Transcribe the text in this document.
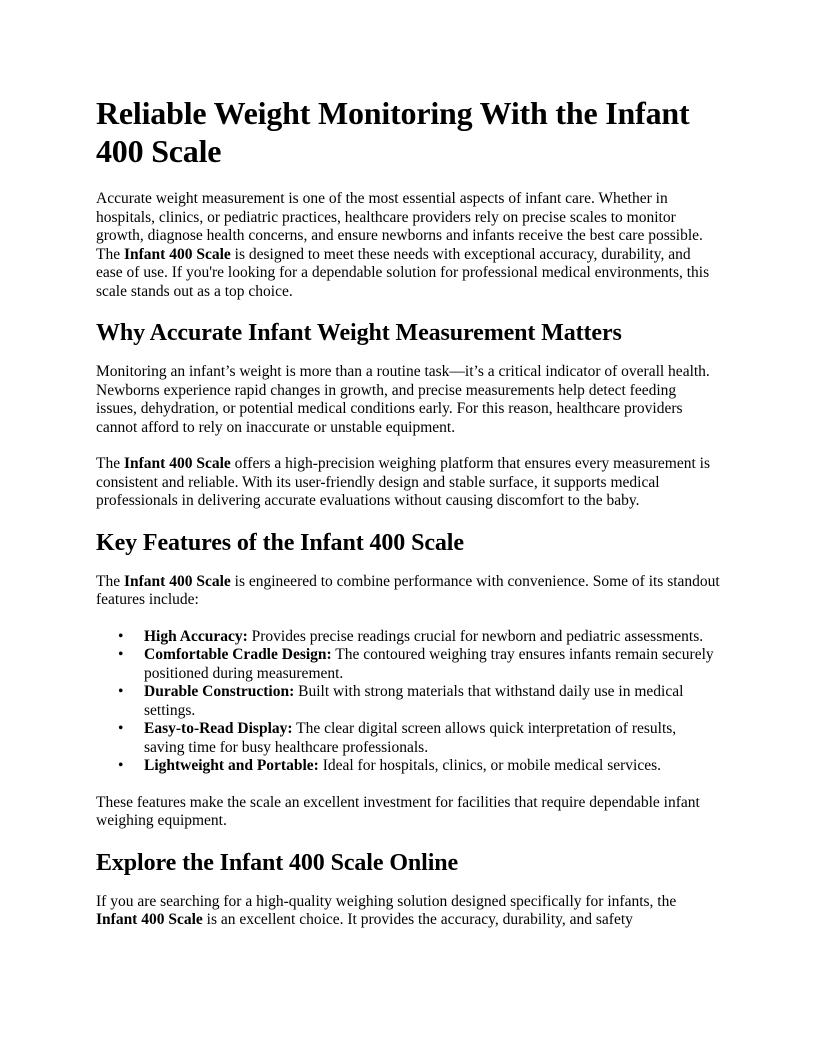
Reliable Weight Monitoring With the Infant 400 Scale

Accurate weight measurement is one of the most essential aspects of infant care. Whether in hospitals, clinics, or pediatric practices, healthcare providers rely on precise scales to monitor growth, diagnose health concerns, and ensure newborns and infants receive the best care possible. The Infant 400 Scale is designed to meet these needs with exceptional accuracy, durability, and ease of use. If you're looking for a dependable solution for professional medical environments, this scale stands out as a top choice.

Why Accurate Infant Weight Measurement Matters

Monitoring an infant’s weight is more than a routine task—it’s a critical indicator of overall health. Newborns experience rapid changes in growth, and precise measurements help detect feeding issues, dehydration, or potential medical conditions early. For this reason, healthcare providers cannot afford to rely on inaccurate or unstable equipment.

The Infant 400 Scale offers a high-precision weighing platform that ensures every measurement is consistent and reliable. With its user-friendly design and stable surface, it supports medical professionals in delivering accurate evaluations without causing discomfort to the baby.

Key Features of the Infant 400 Scale

The Infant 400 Scale is engineered to combine performance with convenience. Some of its standout features include:

• High Accuracy: Provides precise readings crucial for newborn and pediatric assessments.
• Comfortable Cradle Design: The contoured weighing tray ensures infants remain securely positioned during measurement.
• Durable Construction: Built with strong materials that withstand daily use in medical settings.
• Easy-to-Read Display: The clear digital screen allows quick interpretation of results, saving time for busy healthcare professionals.
• Lightweight and Portable: Ideal for hospitals, clinics, or mobile medical services.

These features make the scale an excellent investment for facilities that require dependable infant weighing equipment.

Explore the Infant 400 Scale Online

If you are searching for a high-quality weighing solution designed specifically for infants, the Infant 400 Scale is an excellent choice. It provides the accuracy, durability, and safety
